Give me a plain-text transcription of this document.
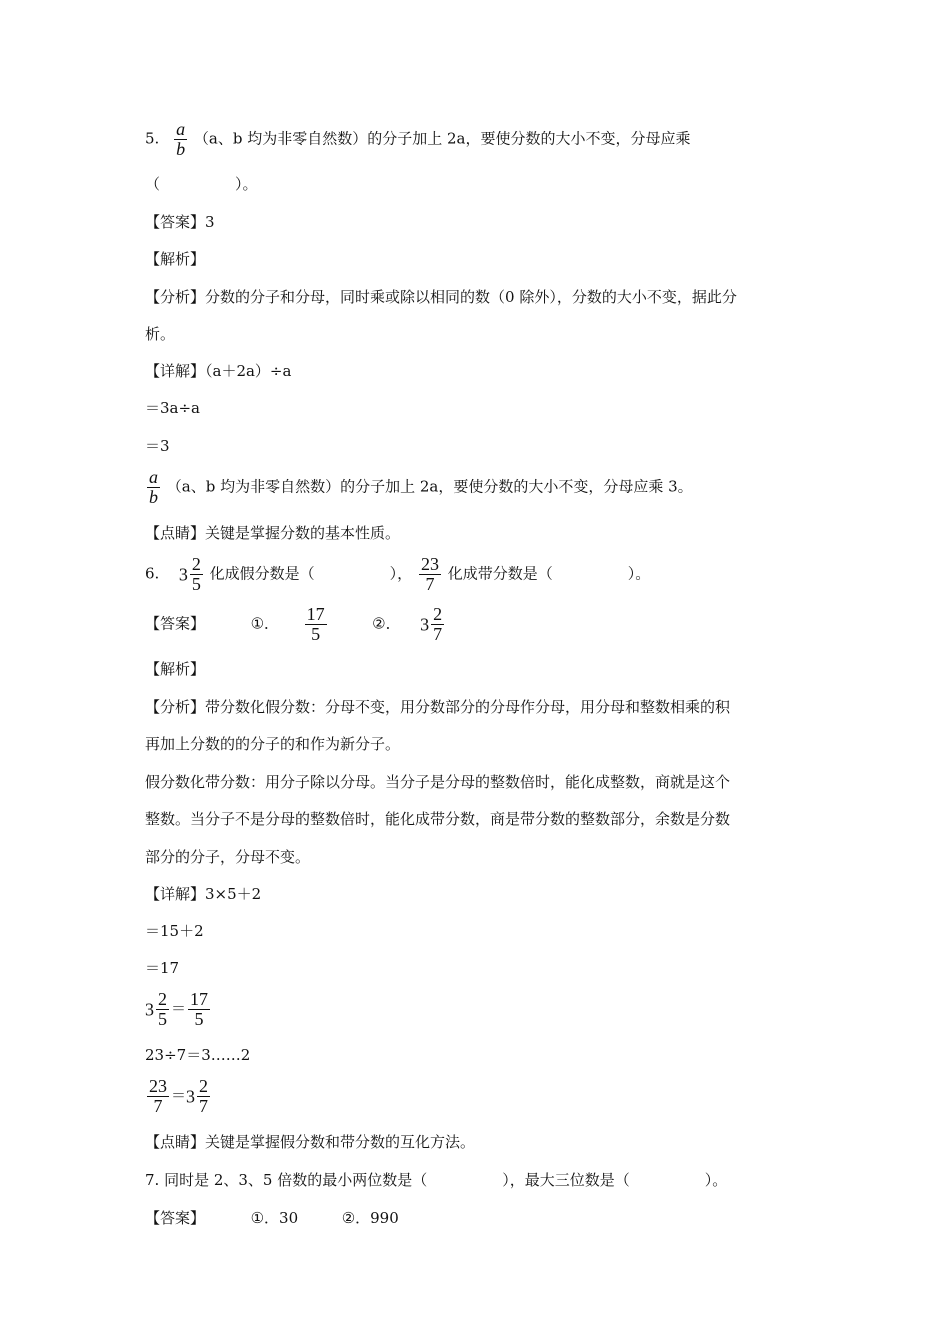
5. $\frac{a}{b} (a$、b 均为非零自然数）的分子加上 2a，要使分数的大小不变，分母应乘
（　　　　　）。
【答案】3
【解析】
【分析】分数的分子和分母，同时乘或除以相同的数（0 除外），分数的大小不变，据此分
析。
【详解】（a＋2a）÷a
＝3a÷a
＝3
$\frac{a}{b} (a$、b 均为非零自然数）的分子加上 2a，要使分数的大小不变，分母应乘 3。
【点睛】关键是掌握分数的基本性质。
6. $3 \frac{2}{5}$ 化成假分数是（　　　　　）， $\frac{23}{7}$ 化成带分数是（　　　　　）。
【答案】	①． $\frac{17}{5}$	②． $3 \frac{2}{7}$
【解析】
【分析】带分数化假分数：分母不变，用分数部分的分母作分母，用分母和整数相乘的积
再加上分数的的分子的和作为新分子。
假分数化带分数：用分子除以分母。当分子是分母的整数倍时，能化成整数，商就是这个
整数。当分子不是分母的整数倍时，能化成带分数，商是带分数的整数部分，余数是分数
部分的分子，分母不变。
【详解】3×5＋2
＝15＋2
＝17
$3 \frac{2}{5} = \frac{17}{5}$
23÷7＝3……2
$\frac{23}{7} =3 \frac{2}{7}$
【点睛】关键是掌握假分数和带分数的互化方法。
7. 同时是 2、3、5 倍数的最小两位数是（　　　　　），最大三位数是（　　　　　）。
【答案】	①．30	②．990
